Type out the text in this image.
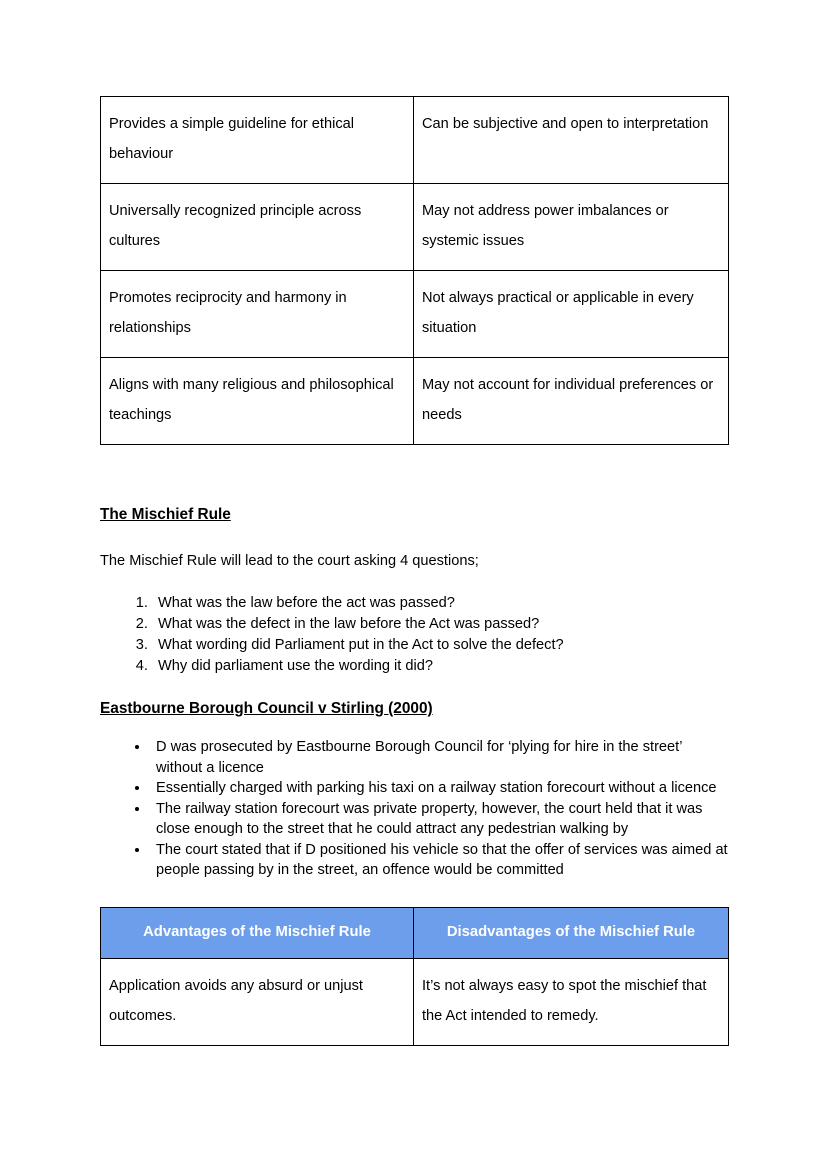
Provides a simple guideline for ethical behaviour	Can be subjective and open to interpretation
Universally recognized principle across cultures	May not address power imbalances or systemic issues
Promotes reciprocity and harmony in relationships	Not always practical or applicable in every situation
Aligns with many religious and philosophical teachings	May not account for individual preferences or needs

The Mischief Rule

The Mischief Rule will lead to the court asking 4 questions;

1. What was the law before the act was passed?
2. What was the defect in the law before the Act was passed?
3. What wording did Parliament put in the Act to solve the defect?
4. Why did parliament use the wording it did?

Eastbourne Borough Council v Stirling (2000)

• D was prosecuted by Eastbourne Borough Council for ‘plying for hire in the street’ without a licence
• Essentially charged with parking his taxi on a railway station forecourt without a licence
• The railway station forecourt was private property, however, the court held that it was close enough to the street that he could attract any pedestrian walking by
• The court stated that if D positioned his vehicle so that the offer of services was aimed at people passing by in the street, an offence would be committed
Advantages of the Mischief Rule	Disadvantages of the Mischief Rule
Application avoids any absurd or unjust outcomes.	It’s not always easy to spot the mischief that the Act intended to remedy.
